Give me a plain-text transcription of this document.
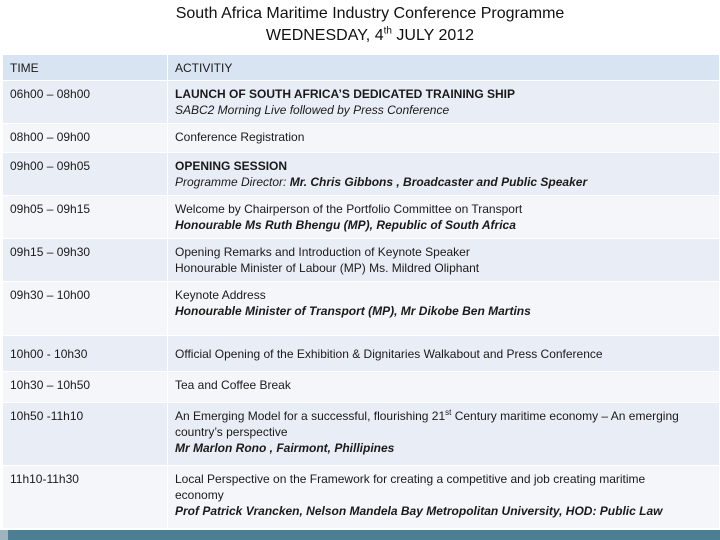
South Africa Maritime Industry Conference Programme
WEDNESDAY, 4th JULY 2012
TIME	ACTIVITIY
06h00 – 08h00	LAUNCH OF SOUTH AFRICA’S DEDICATED TRAINING SHIP
SABC2 Morning Live followed by Press Conference

08h00 – 09h00	Conference Registration

09h00 – 09h05	OPENING SESSION
Programme Director: Mr. Chris Gibbons , Broadcaster and Public Speaker

09h05 – 09h15	Welcome by Chairperson of the Portfolio Committee on Transport
Honourable Ms Ruth Bhengu (MP), Republic of South Africa

09h15 – 09h30	Opening Remarks and Introduction of Keynote Speaker
Honourable Minister of Labour (MP) Ms. Mildred Oliphant

09h30 – 10h00	Keynote Address
Honourable Minister of Transport (MP), Mr Dikobe Ben Martins

10h00 - 10h30	Official Opening of the Exhibition & Dignitaries Walkabout and Press Conference

10h30 – 10h50	Tea and Coffee Break

10h50 -11h10	An Emerging Model for a successful, flourishing 21st Century maritime economy – An emerging
country’s perspective
Mr Marlon Rono , Fairmont, Phillipines

11h10-11h30	Local Perspective on the Framework for creating a competitive and job creating maritime
economy
Prof Patrick Vrancken, Nelson Mandela Bay Metropolitan University, HOD: Public Law
